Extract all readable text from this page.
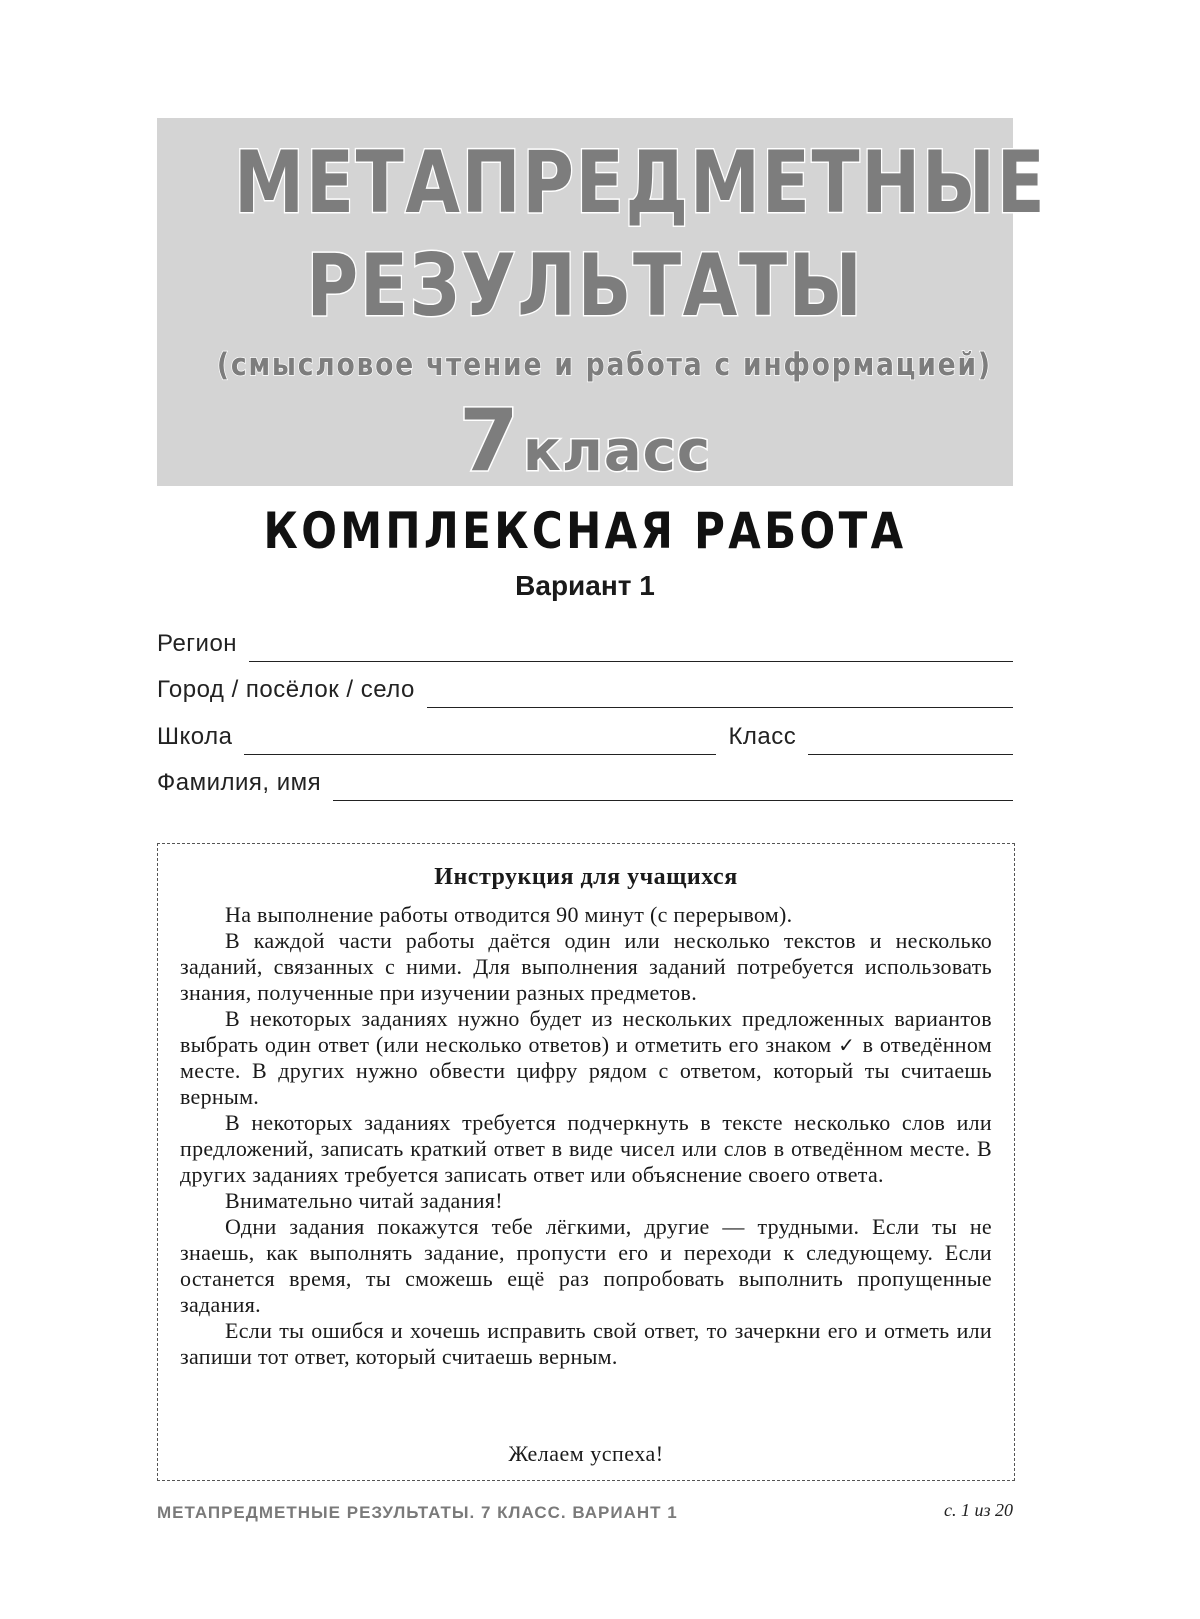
МЕТАПРЕДМЕТНЫЕ
РЕЗУЛЬТАТЫ
(смысловое чтение и работа с информацией)
7класс
КОМПЛЕКСНАЯ РАБОТА
Вариант 1
Регион
Город / посёлок / село
Школа	Класс
Фамилия, имя
Инструкция для учащихся

На выполнение работы отводится 90 минут (с перерывом).

В каждой части работы даётся один или несколько текстов и несколько заданий, связанных с ними. Для выполнения заданий потребуется использовать знания, полученные при изучении разных предметов.

В некоторых заданиях нужно будет из нескольких предложенных вариантов выбрать один ответ (или несколько ответов) и отметить его знаком ✓ в отведённом месте. В других нужно обвести цифру рядом с ответом, который ты считаешь верным.

В некоторых заданиях требуется подчеркнуть в тексте несколько слов или предложений, записать краткий ответ в виде чисел или слов в отведённом месте. В других заданиях требуется записать ответ или объяснение своего ответа.

Внимательно читай задания!

Одни задания покажутся тебе лёгкими, другие — трудными. Если ты не знаешь, как выполнять задание, пропусти его и переходи к следующему. Если останется время, ты сможешь ещё раз попробовать выполнить пропущенные задания.

Если ты ошибся и хочешь исправить свой ответ, то зачеркни его и отметь или запиши тот ответ, который считаешь верным.

Желаем успеха!
МЕТАПРЕДМЕТНЫЕ РЕЗУЛЬТАТЫ. 7 КЛАСС. ВАРИАНТ 1	с. 1 из 20
